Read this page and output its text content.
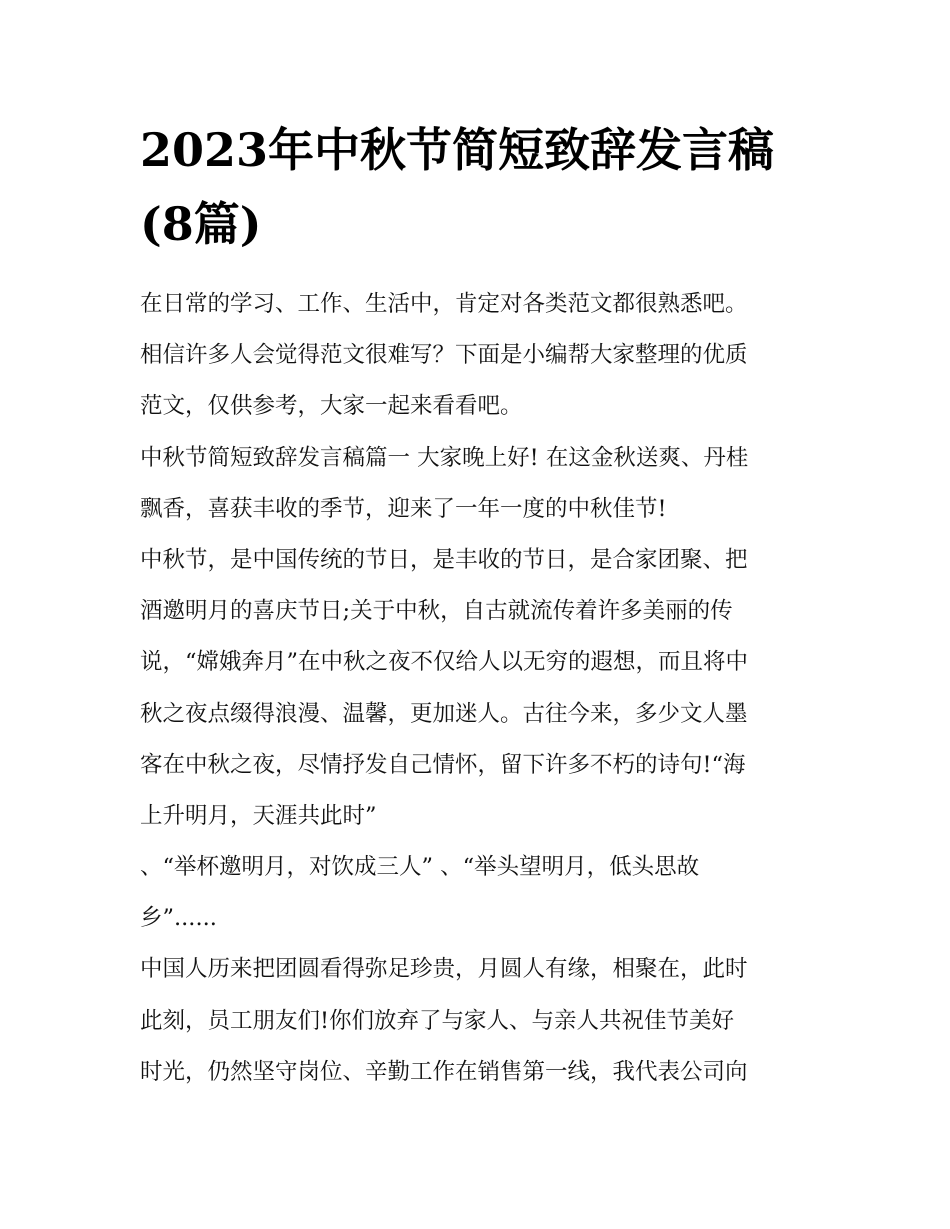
2023年中秋节简短致辞发言稿
(8篇)
在日常的学习、工作、生活中，肯定对各类范文都很熟悉吧。
相信许多人会觉得范文很难写？下面是小编帮大家整理的优质
范文，仅供参考，大家一起来看看吧。
中秋节简短致辞发言稿篇一 大家晚上好! 在这金秋送爽、丹桂
飘香，喜获丰收的季节，迎来了一年一度的中秋佳节!
中秋节，是中国传统的节日，是丰收的节日，是合家团聚、把
酒邀明月的喜庆节日;关于中秋，自古就流传着许多美丽的传
说，“嫦娥奔月”在中秋之夜不仅给人以无穷的遐想，而且将中
秋之夜点缀得浪漫、温馨，更加迷人。古往今来，多少文人墨
客在中秋之夜，尽情抒发自己情怀，留下许多不朽的诗句!“海
上升明月，天涯共此时”
、“举杯邀明月，对饮成三人” 、“举头望明月，低头思故
乡”......
中国人历来把团圆看得弥足珍贵，月圆人有缘，相聚在，此时
此刻，员工朋友们!你们放弃了与家人、与亲人共祝佳节美好
时光，仍然坚守岗位、辛勤工作在销售第一线，我代表公司向
